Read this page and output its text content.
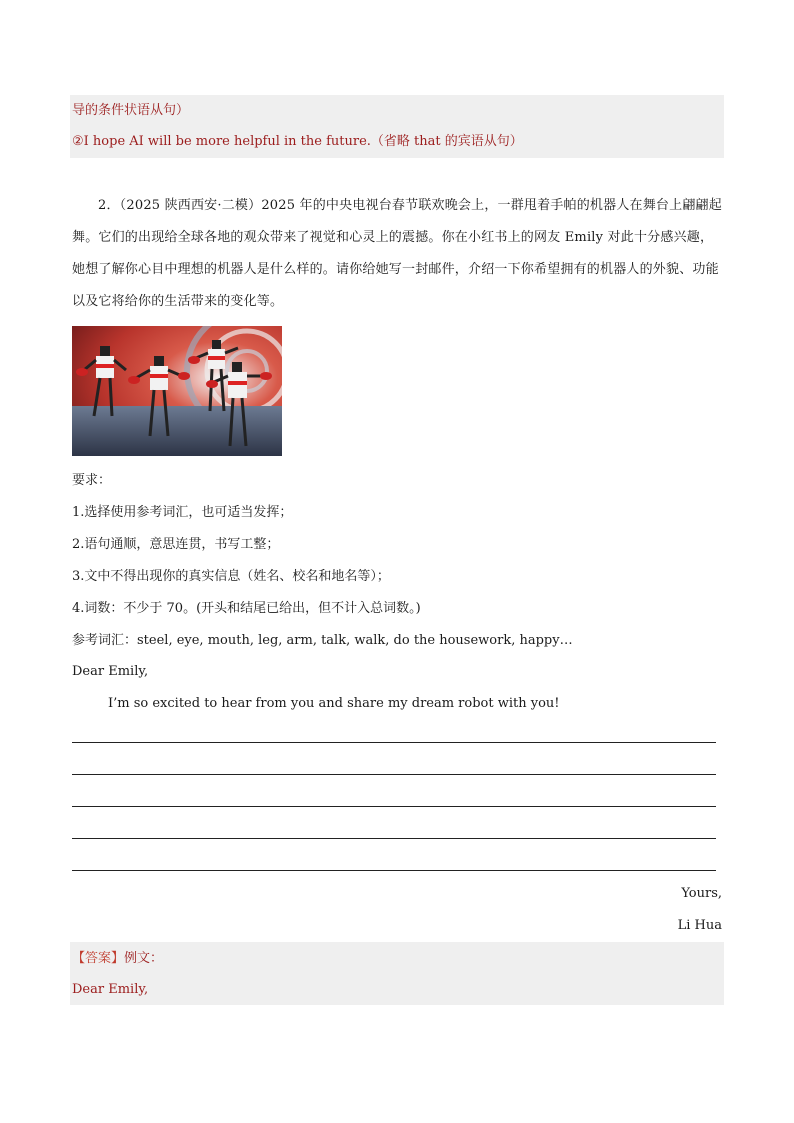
导的条件状语从句）
②I hope AI will be more helpful in the future.（省略 that 的宾语从句）
2．（2025 陕西西安·二模）2025 年的中央电视台春节联欢晚会上，一群甩着手帕的机器人在舞台上翩翩起舞。它们的出现给全球各地的观众带来了视觉和心灵上的震撼。你在小红书上的网友 Emily 对此十分感兴趣，她想了解你心目中理想的机器人是什么样的。请你给她写一封邮件，介绍一下你希望拥有的机器人的外貌、功能以及它将给你的生活带来的变化等。
要求：
1.选择使用参考词汇，也可适当发挥；
2.语句通顺，意思连贯，书写工整；
3.文中不得出现你的真实信息（姓名、校名和地名等）；
4.词数：不少于 70。(开头和结尾已给出，但不计入总词数。)
参考词汇：steel, eye, mouth, leg, arm, talk, walk, do the housework, happy…
Dear Emily,
I’m so excited to hear from you and share my dream robot with you!
Yours,
Li Hua
【答案】例文：
Dear Emily,
